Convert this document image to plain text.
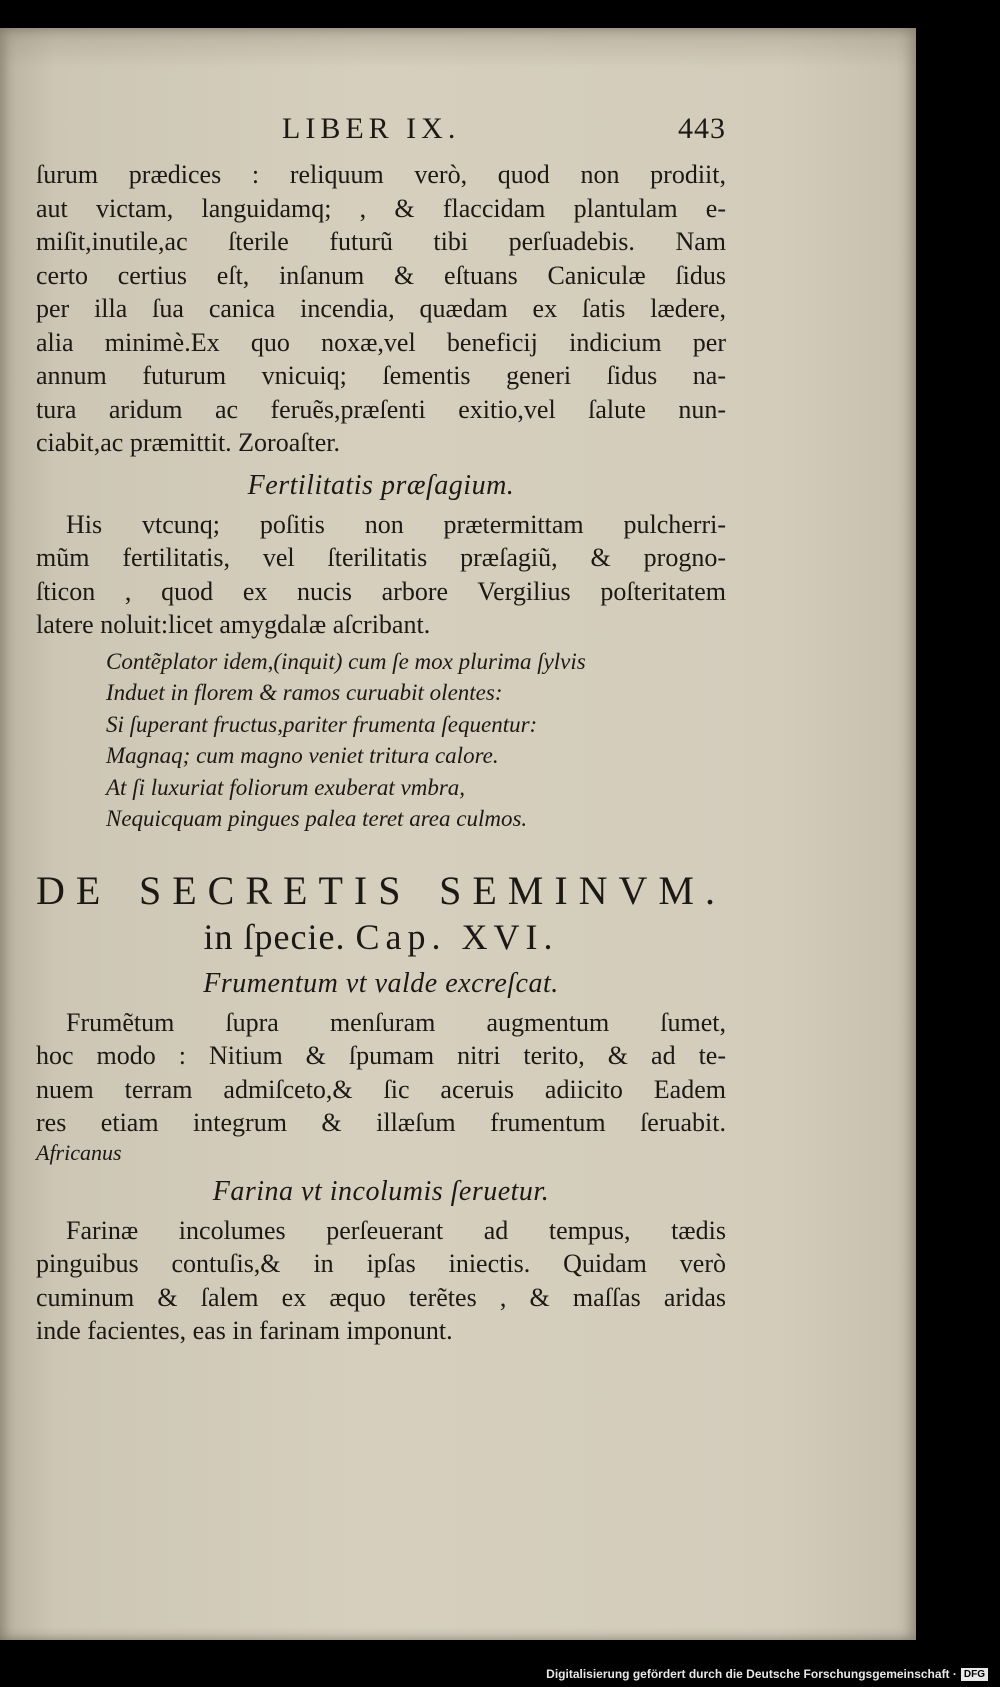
LIBER IX.	443

ſurum prædices : reliquum verò, quod non prodiit,
aut victam, languidamq; , & flaccidam plantulam e-
miſit,inutile,ac ſterile futurũ tibi perſuadebis. Nam
certo certius eſt, inſanum & eſtuans Caniculæ ſidus
per illa ſua canica incendia, quædam ex ſatis lædere,
alia minimè.Ex quo noxæ,vel beneficij indicium per
annum futurum vnicuiq; ſementis generi ſidus na-
tura aridum ac feruẽs,præſenti exitio,vel ſalute nun-
ciabit,ac præmittit. Zoroaſter.

Fertilitatis præſagium.

His vtcunq; poſitis non prætermittam pulcherri-

mũm fertilitatis, vel ſterilitatis præſagiũ, & progno-
ſticon , quod ex nucis arbore Vergilius poſteritatem
latere noluit:licet amygdalæ aſcribant.

Contẽplator idem,(inquit) cum ſe mox plurima ſylvis
Induet in florem & ramos curuabit olentes:
Si ſuperant fructus,pariter frumenta ſequentur:
Magnaq; cum magno veniet tritura calore.
At ſi luxuriat foliorum exuberat vmbra,
Nequicquam pingues palea teret area culmos.
DE SECRETIS SEMINVM.
in ſpecie. Cap. XVI.
Frumentum vt valde excreſcat.

Frumẽtum ſupra menſuram augmentum ſumet,

hoc modo : Nitium & ſpumam nitri terito, & ad te-
nuem terram admiſceto,& ſic aceruis adiicito Eadem
res etiam integrum & illæſum frumentum ſeruabit.

Africanus

Farina vt incolumis ſeruetur.

Farinæ incolumes perſeuerant ad tempus, tædis

pinguibus contuſis,& in ipſas iniectis. Quidam verò
cuminum & ſalem ex æquo terẽtes , & maſſas aridas
inde facientes, eas in farinam imponunt.

Digitalisierung gefördert durch die Deutsche Forschungsgemeinschaft · DFG
